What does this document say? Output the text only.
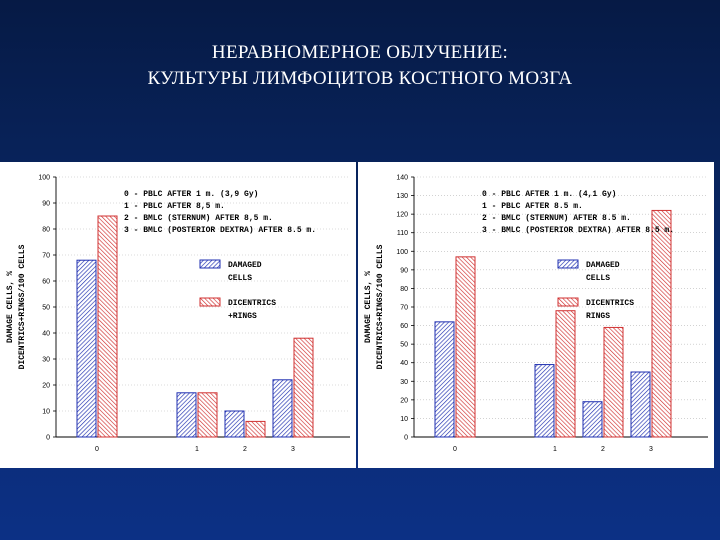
НЕРАВНОМЕРНОЕ ОБЛУЧЕНИЕ:
КУЛЬТУРЫ ЛИМФОЦИТОВ КОСТНОГО МОЗГА
DAMAGE CELLS, % DICENTRICS+RINGS/100 CELLS
0
10
20
30
40
50
60
70
80
90
100
0	1	2	3
0 - PBLC AFTER 1 m. (3,9 Gy)
1 - PBLC AFTER 8,5 m.
2 - BMLC (STERNUM) AFTER 8,5 m.
3 - BMLC (POSTERIOR DEXTRA) AFTER 8.5 m.
DAMAGED
CELLS
DICENTRICS
+RINGS	DAMAGE CELLS, % DICENTRICS+RINGS/100 CELLS
0
10
20
30
40
50
60
70
80
90
100
110
120
130
140
0	1	2	3
0 - PBLC AFTER 1 m. (4,1 Gy)
1 - PBLC AFTER 8.5 m.
2 - BMLC (STERNUM) AFTER 8.5 m.
3 - BMLC (POSTERIOR DEXTRA) AFTER 8.5 m.
DAMAGED
CELLS
DICENTRICS
RINGS
